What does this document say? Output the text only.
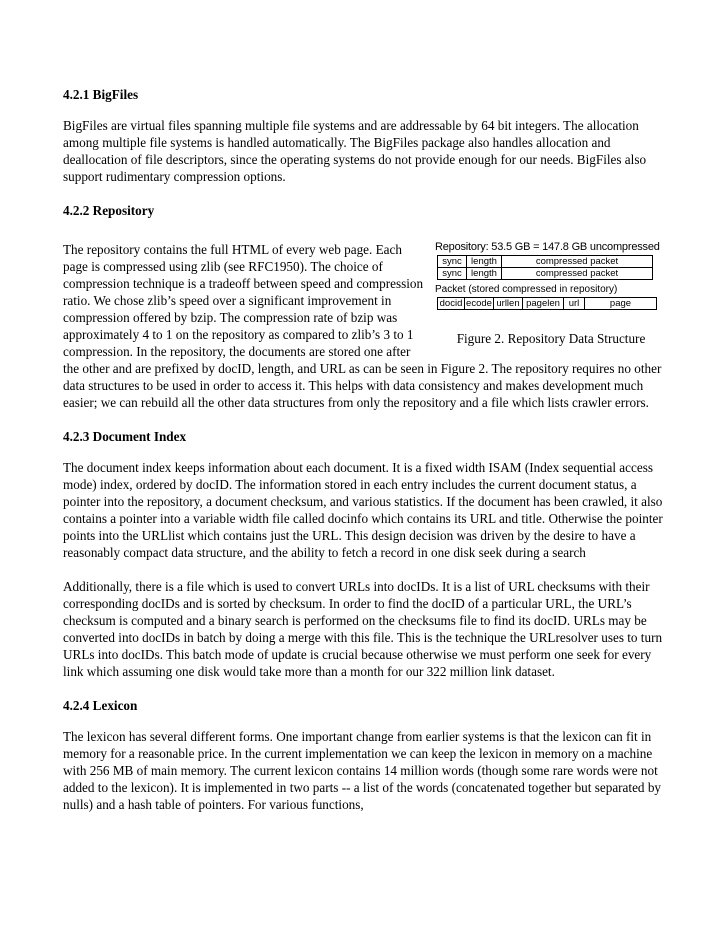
4.2.1 BigFiles

BigFiles are virtual files spanning multiple file systems and are addressable by 64 bit integers. The allocation among multiple file systems is handled automatically. The BigFiles package also handles allocation and deallocation of file descriptors, since the operating systems do not provide enough for our needs. BigFiles also support rudimentary compression options.

4.2.2 Repository

Repository: 53.5 GB = 147.8 GB uncompressed
sync length	compressed packet
sync length	compressed packet
Packet (stored compressed in repository)
docid ecode urllen pagelen url	page
Figure 2. Repository Data Structure

The repository contains the full HTML of every web page. Each page is compressed using zlib (see RFC1950). The choice of compression technique is a tradeoff between speed and compression ratio. We chose zlib’s speed over a significant improvement in compression offered by bzip. The compression rate of bzip was approximately 4 to 1 on the repository as compared to zlib’s 3 to 1 compression. In the repository, the documents are stored one after the other and are prefixed by docID, length, and URL as can be seen in Figure 2. The repository requires no other data structures to be used in order to access it. This helps with data consistency and makes development much easier; we can rebuild all the other data structures from only the repository and a file which lists crawler errors.

4.2.3 Document Index

The document index keeps information about each document. It is a fixed width ISAM (Index sequential access mode) index, ordered by docID. The information stored in each entry includes the current document status, a pointer into the repository, a document checksum, and various statistics. If the document has been crawled, it also contains a pointer into a variable width file called docinfo which contains its URL and title. Otherwise the pointer points into the URLlist which contains just the URL. This design decision was driven by the desire to have a reasonably compact data structure, and the ability to fetch a record in one disk seek during a search

Additionally, there is a file which is used to convert URLs into docIDs. It is a list of URL checksums with their corresponding docIDs and is sorted by checksum. In order to find the docID of a particular URL, the URL’s checksum is computed and a binary search is performed on the checksums file to find its docID. URLs may be converted into docIDs in batch by doing a merge with this file. This is the technique the URLresolver uses to turn URLs into docIDs. This batch mode of update is crucial because otherwise we must perform one seek for every link which assuming one disk would take more than a month for our 322 million link dataset.

4.2.4 Lexicon

The lexicon has several different forms. One important change from earlier systems is that the lexicon can fit in memory for a reasonable price. In the current implementation we can keep the lexicon in memory on a machine with 256 MB of main memory. The current lexicon contains 14 million words (though some rare words were not added to the lexicon). It is implemented in two parts -- a list of the words (concatenated together but separated by nulls) and a hash table of pointers. For various functions,
